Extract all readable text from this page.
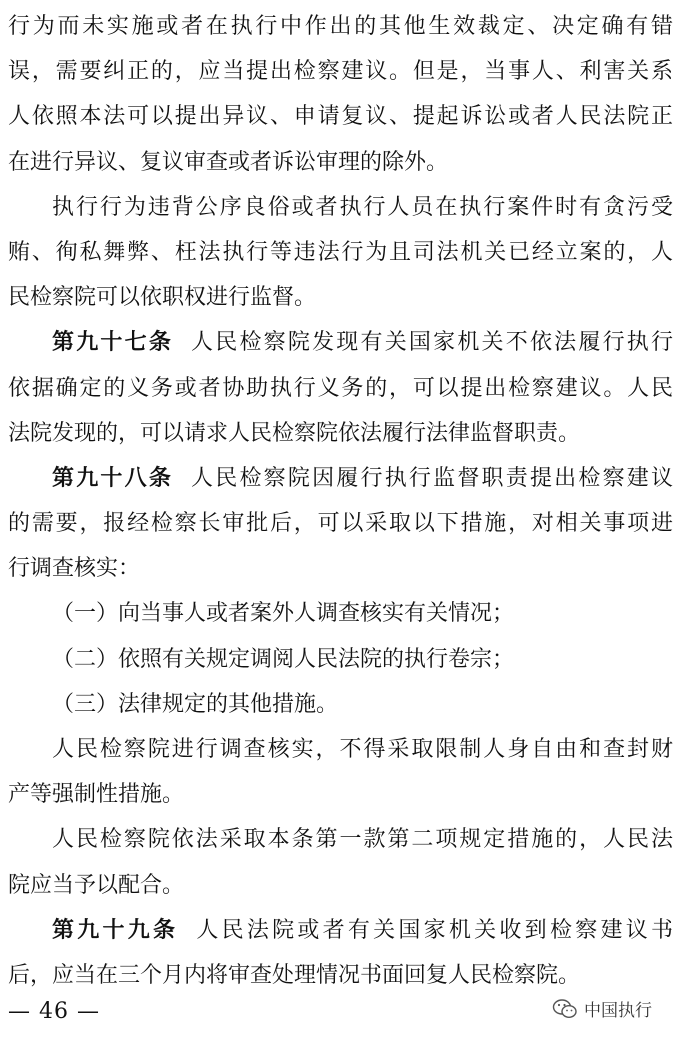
行为而未实施或者在执行中作出的其他生效裁定、决定确有错
误，需要纠正的，应当提出检察建议。但是，当事人、利害关系
人依照本法可以提出异议、申请复议、提起诉讼或者人民法院正
在进行异议、复议审查或者诉讼审理的除外。
执行行为违背公序良俗或者执行人员在执行案件时有贪污受
贿、徇私舞弊、枉法执行等违法行为且司法机关已经立案的，人
民检察院可以依职权进行监督。
第九十七条 人民检察院发现有关国家机关不依法履行执行
依据确定的义务或者协助执行义务的，可以提出检察建议。人民
法院发现的，可以请求人民检察院依法履行法律监督职责。
第九十八条 人民检察院因履行执行监督职责提出检察建议
的需要，报经检察长审批后，可以采取以下措施，对相关事项进
行调查核实：
（一）向当事人或者案外人调查核实有关情况；
（二）依照有关规定调阅人民法院的执行卷宗；
（三）法律规定的其他措施。
人民检察院进行调查核实，不得采取限制人身自由和查封财
产等强制性措施。
人民检察院依法采取本条第一款第二项规定措施的，人民法
院应当予以配合。
第九十九条 人民法院或者有关国家机关收到检察建议书
后，应当在三个月内将审查处理情况书面回复人民检察院。
— 46 —	中国执行
